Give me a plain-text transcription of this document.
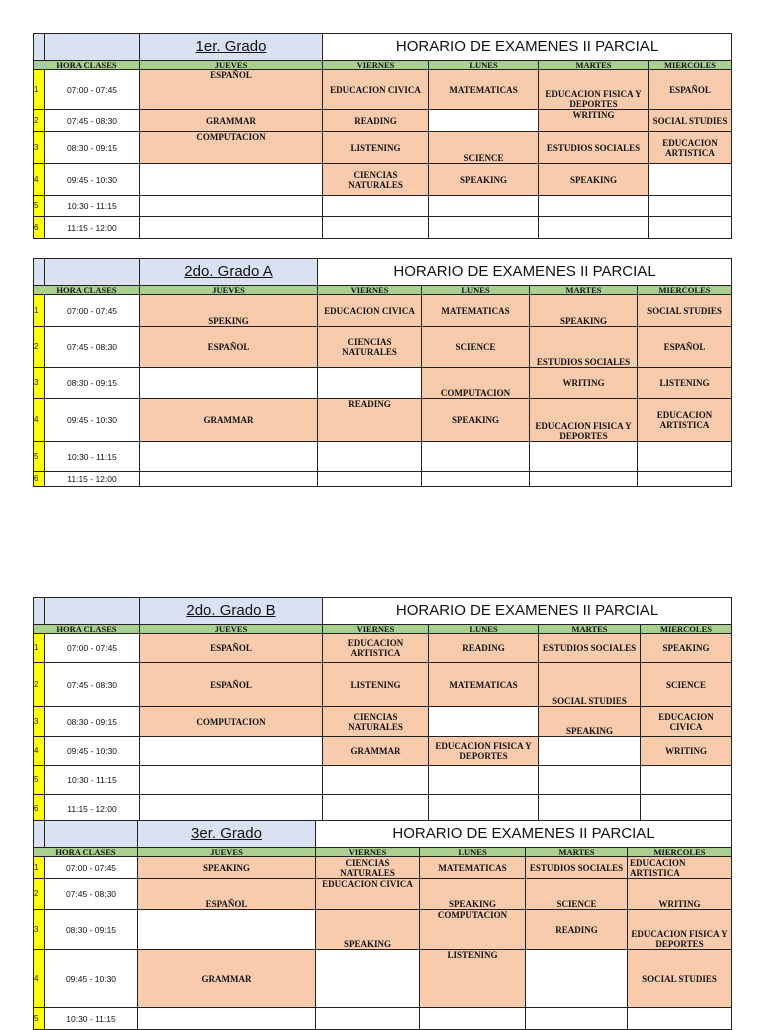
		1er. Grado	HORARIO DE EXAMENES II PARCIAL			
HORA CLASES		JUEVES	VIERNES	LUNES	MARTES	MIERCOLES
1	07:00 - 07:45	ESPAÑOL	EDUCACION CIVICA	MATEMATICAS	EDUCACION FISICA Y DEPORTES	ESPAÑOL
2	07:45 - 08:30	GRAMMAR	READING		WRITING	SOCIAL STUDIES
3	08:30 - 09:15	COMPUTACION	LISTENING	SCIENCE	ESTUDIOS SOCIALES	EDUCACION ARTISTICA
4	09:45 - 10:30		CIENCIAS NATURALES	SPEAKING	SPEAKING	
5	10:30 - 11:15					
6	11:15 - 12:00					
		2do. Grado A	HORARIO DE EXAMENES II PARCIAL			
HORA CLASES		JUEVES	VIERNES	LUNES	MARTES	MIERCOLES
1	07:00 - 07:45	SPEKING	EDUCACION CIVICA	MATEMATICAS	SPEAKING	SOCIAL STUDIES
2	07:45 - 08:30	ESPAÑOL	CIENCIAS NATURALES	SCIENCE	ESTUDIOS SOCIALES	ESPAÑOL
3	08:30 - 09:15			COMPUTACION	WRITING	LISTENING
4	09:45 - 10:30	GRAMMAR	READING	SPEAKING	EDUCACION FISICA Y DEPORTES	EDUCACION ARTISTICA
5	10:30 - 11:15					
6	11:15 - 12:00					
		2do. Grado B	HORARIO DE EXAMENES II PARCIAL			
HORA CLASES		JUEVES	VIERNES	LUNES	MARTES	MIERCOLES
1	07:00 - 07:45	ESPAÑOL	EDUCACION ARTISTICA	READING	ESTUDIOS SOCIALES	SPEAKING
2	07:45 - 08:30	ESPAÑOL	LISTENING	MATEMATICAS	SOCIAL STUDIES	SCIENCE
3	08:30 - 09:15	COMPUTACION	CIENCIAS NATURALES		SPEAKING	EDUCACION CIVICA
4	09:45 - 10:30		GRAMMAR	EDUCACION FISICA Y DEPORTES		WRITING
5	10:30 - 11:15					
6	11:15 - 12:00					
		3er. Grado	HORARIO DE EXAMENES II PARCIAL			
HORA CLASES		JUEVES	VIERNES	LUNES	MARTES	MIERCOLES
1	07:00 - 07:45	SPEAKING	CIENCIAS NATURALES	MATEMATICAS	ESTUDIOS SOCIALES	EDUCACION ARTISTICA
2	07:45 - 08:30	ESPAÑOL	EDUCACION CIVICA	SPEAKING	SCIENCE	WRITING
3	08:30 - 09:15		SPEAKING	COMPUTACION	READING	EDUCACION FISICA Y DEPORTES
4	09:45 - 10:30	GRAMMAR		LISTENING		SOCIAL STUDIES
5	10:30 - 11:15					
